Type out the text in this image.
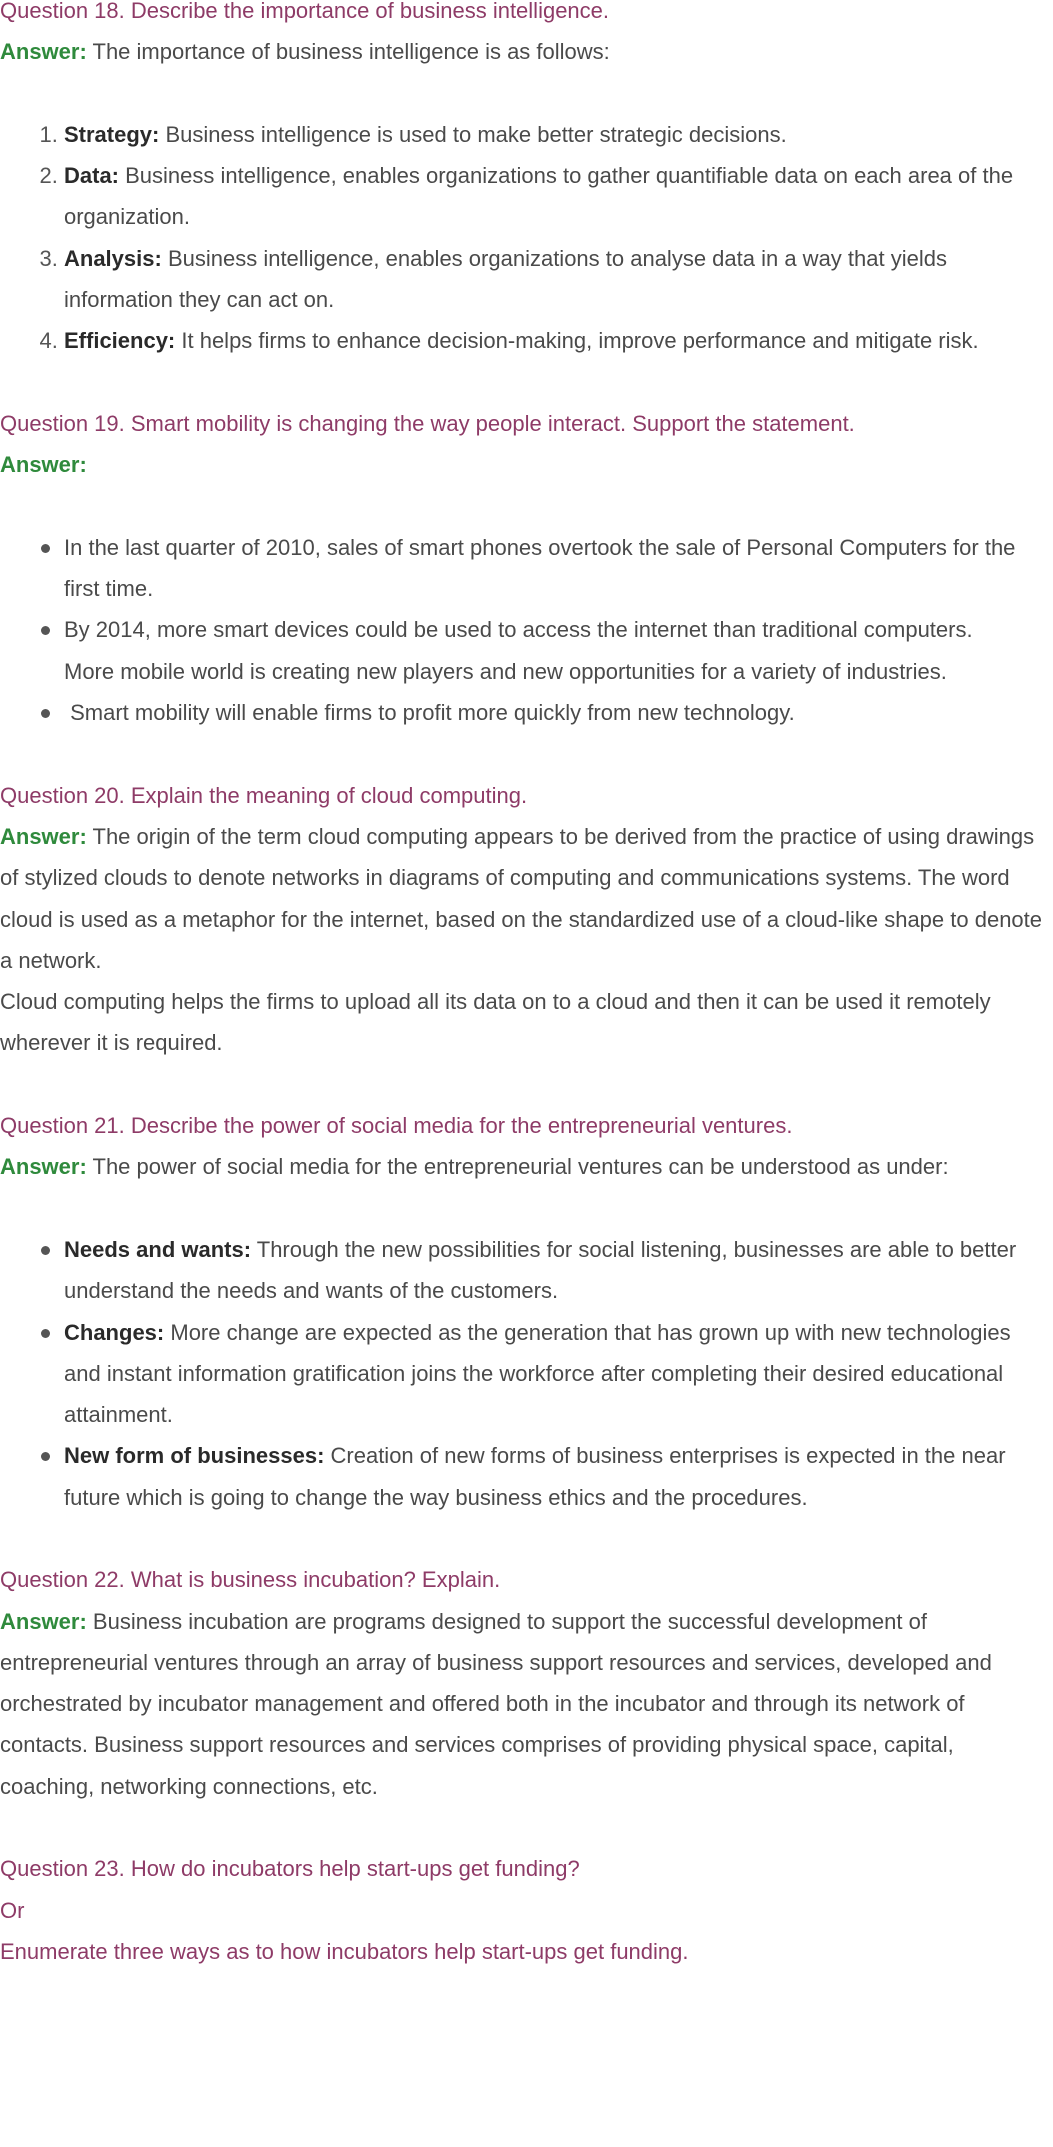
Question 18. Describe the importance of business intelligence.

Answer: The importance of business intelligence is as follows:

1. Strategy: Business intelligence is used to make better strategic decisions.
2. Data: Business intelligence, enables organizations to gather quantifiable data on each area of the organization.
3. Analysis: Business intelligence, enables organizations to analyse data in a way that yields information they can act on.
4. Efficiency: It helps firms to enhance decision-making, improve performance and mitigate risk.

Question 19. Smart mobility is changing the way people interact. Support the statement.

Answer:

In the last quarter of 2010, sales of smart phones overtook the sale of Personal Computers for the first time.
By 2014, more smart devices could be used to access the internet than traditional computers.
More mobile world is creating new players and new opportunities for a variety of industries.
Smart mobility will enable firms to profit more quickly from new technology.

Question 20. Explain the meaning of cloud computing.

Answer: The origin of the term cloud computing appears to be derived from the practice of using drawings of stylized clouds to denote networks in diagrams of computing and communications systems. The word cloud is used as a metaphor for the internet, based on the standardized use of a cloud-like shape to denote a network.

Cloud computing helps the firms to upload all its data on to a cloud and then it can be used it remotely wherever it is required.

Question 21. Describe the power of social media for the entrepreneurial ventures.

Answer: The power of social media for the entrepreneurial ventures can be understood as under:

Needs and wants: Through the new possibilities for social listening, businesses are able to better understand the needs and wants of the customers.
Changes: More change are expected as the generation that has grown up with new technologies and instant information gratification joins the workforce after completing their desired educational attainment.
New form of businesses: Creation of new forms of business enterprises is expected in the near future which is going to change the way business ethics and the procedures.

Question 22. What is business incubation? Explain.

Answer: Business incubation are programs designed to support the successful development of entrepreneurial ventures through an array of business support resources and services, developed and orchestrated by incubator management and offered both in the incubator and through its network of contacts. Business support resources and services comprises of providing physical space, capital, coaching, networking connections, etc.

Question 23. How do incubators help start-ups get funding?

Or

Enumerate three ways as to how incubators help start-ups get funding.
